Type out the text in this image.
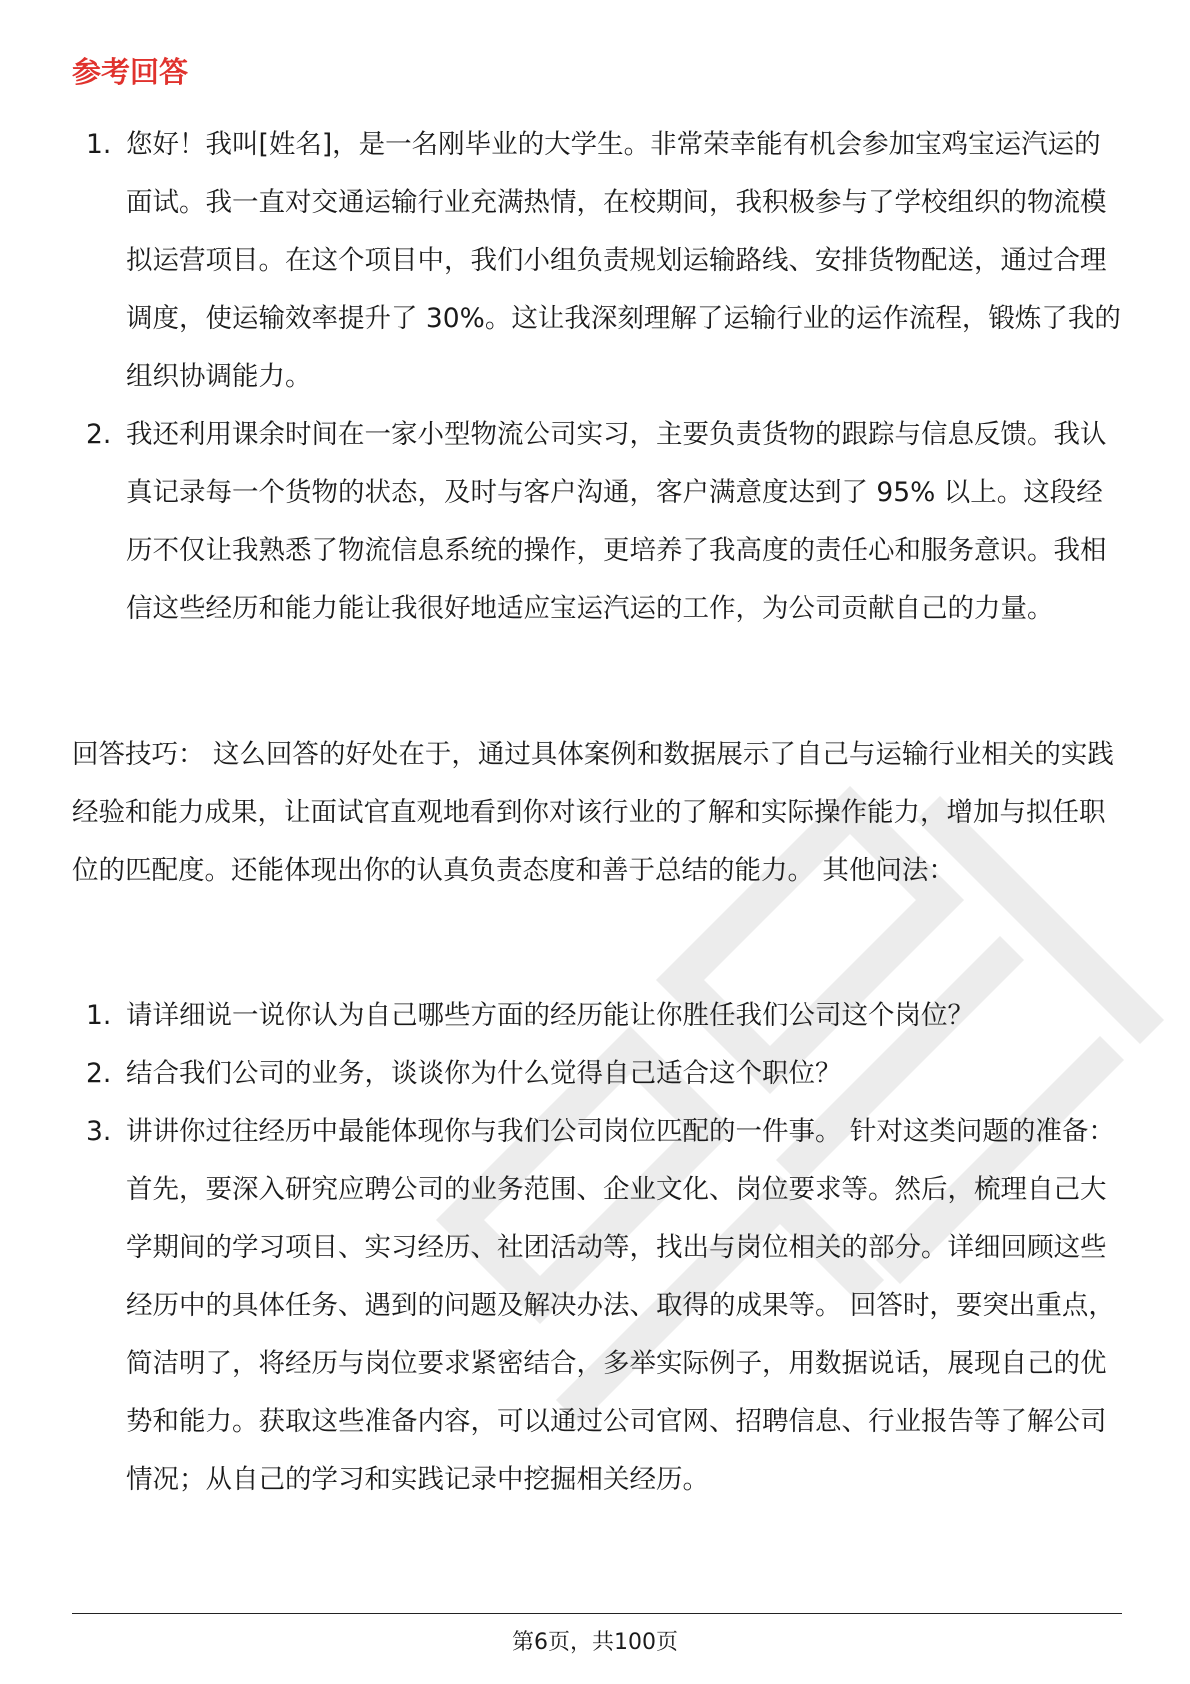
参考回答
1. 您好！我叫[姓名]，是一名刚毕业的大学生。非常荣幸能有机会参加宝鸡宝运汽运的面试。我一直对交通运输行业充满热情，在校期间，我积极参与了学校组织的物流模拟运营项目。在这个项目中，我们小组负责规划运输路线、安排货物配送，通过合理调度，使运输效率提升了 30%。这让我深刻理解了运输行业的运作流程，锻炼了我的组织协调能力。
2. 我还利用课余时间在一家小型物流公司实习，主要负责货物的跟踪与信息反馈。我认真记录每一个货物的状态，及时与客户沟通，客户满意度达到了 95% 以上。这段经历不仅让我熟悉了物流信息系统的操作，更培养了我高度的责任心和服务意识。我相信这些经历和能力能让我很好地适应宝运汽运的工作，为公司贡献自己的力量。

回答技巧： 这么回答的好处在于，通过具体案例和数据展示了自己与运输行业相关的实践经验和能力成果，让面试官直观地看到你对该行业的了解和实际操作能力，增加与拟任职位的匹配度。还能体现出你的认真负责态度和善于总结的能力。 其他问法：

1. 请详细说一说你认为自己哪些方面的经历能让你胜任我们公司这个岗位？
2. 结合我们公司的业务，谈谈你为什么觉得自己适合这个职位？
3. 讲讲你过往经历中最能体现你与我们公司岗位匹配的一件事。 针对这类问题的准备： 首先，要深入研究应聘公司的业务范围、企业文化、岗位要求等。然后，梳理自己大学期间的学习项目、实习经历、社团活动等，找出与岗位相关的部分。详细回顾这些经历中的具体任务、遇到的问题及解决办法、取得的成果等。 回答时，要突出重点，简洁明了，将经历与岗位要求紧密结合，多举实际例子，用数据说话，展现自己的优势和能力。获取这些准备内容，可以通过公司官网、招聘信息、行业报告等了解公司情况；从自己的学习和实践记录中挖掘相关经历。
第6页，共100页
